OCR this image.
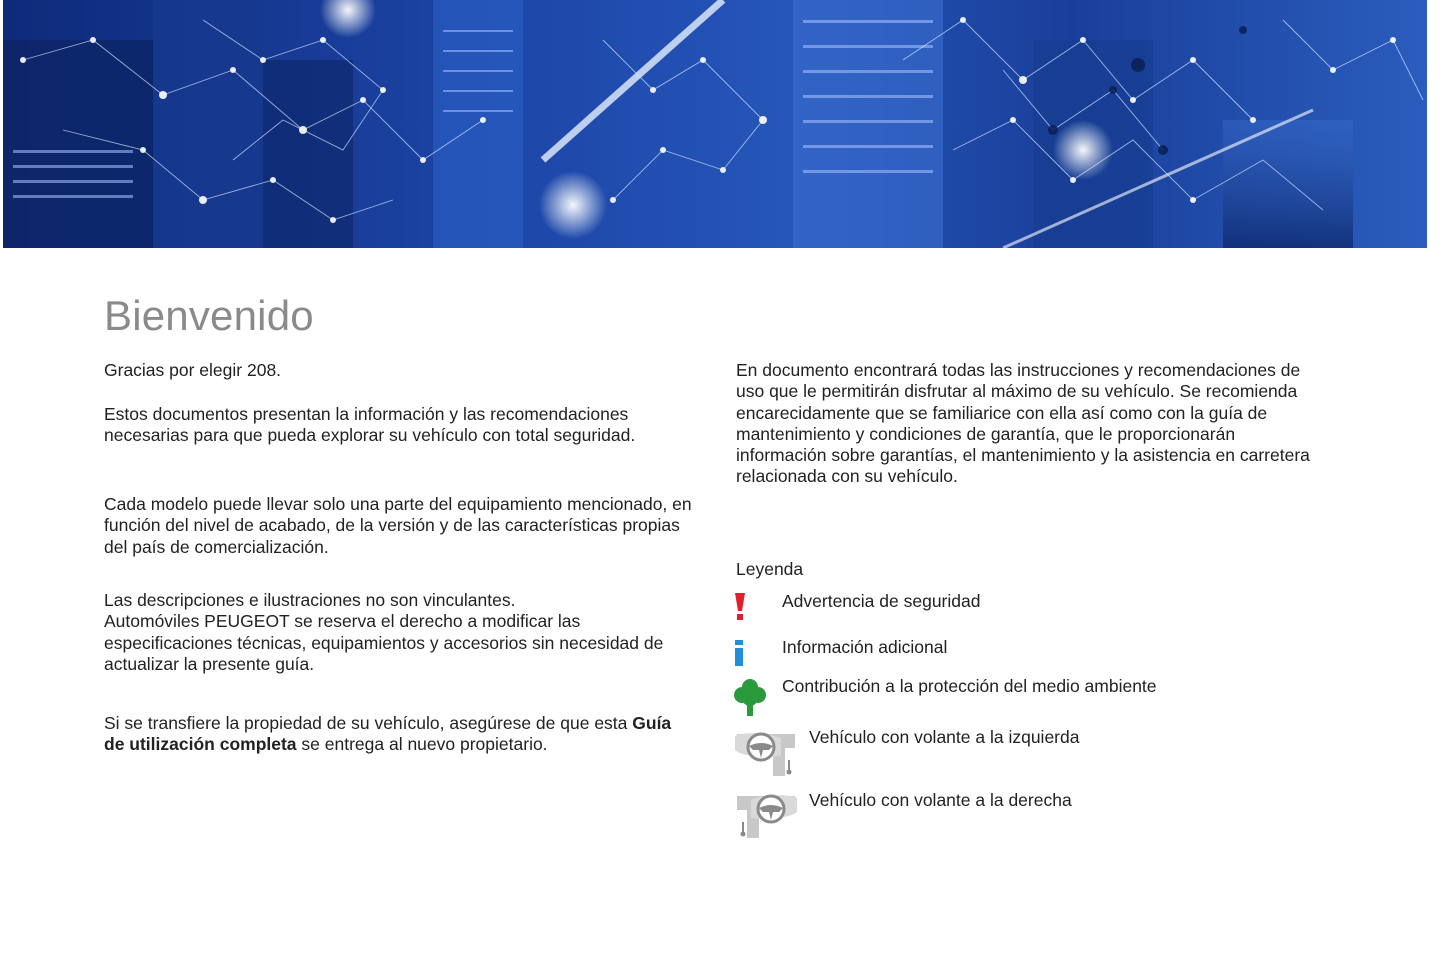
Bienvenido

Gracias por elegir 208.

Estos documentos presentan la información y las recomendaciones necesarias para que pueda explorar su vehículo con total seguridad.

Cada modelo puede llevar solo una parte del equipamiento mencionado, en función del nivel de acabado, de la versión y de las características propias del país de comercialización.

Las descripciones e ilustraciones no son vinculantes.
Automóviles PEUGEOT se reserva el derecho a modificar las especificaciones técnicas, equipamientos y accesorios sin necesidad de actualizar la presente guía.

Si se transfiere la propiedad de su vehículo, asegúrese de que esta Guía de utilización completa se entrega al nuevo propietario.

En documento encontrará todas las instrucciones y recomendaciones de uso que le permitirán disfrutar al máximo de su vehículo. Se recomienda encarecidamente que se familiarice con ella así como con la guía de mantenimiento y condiciones de garantía, que le proporcionarán información sobre garantías, el mantenimiento y la asistencia en carretera relacionada con su vehículo.

Leyenda

Advertencia de seguridad
Información adicional
Contribución a la protección del medio ambiente
Vehículo con volante a la izquierda
Vehículo con volante a la derecha
